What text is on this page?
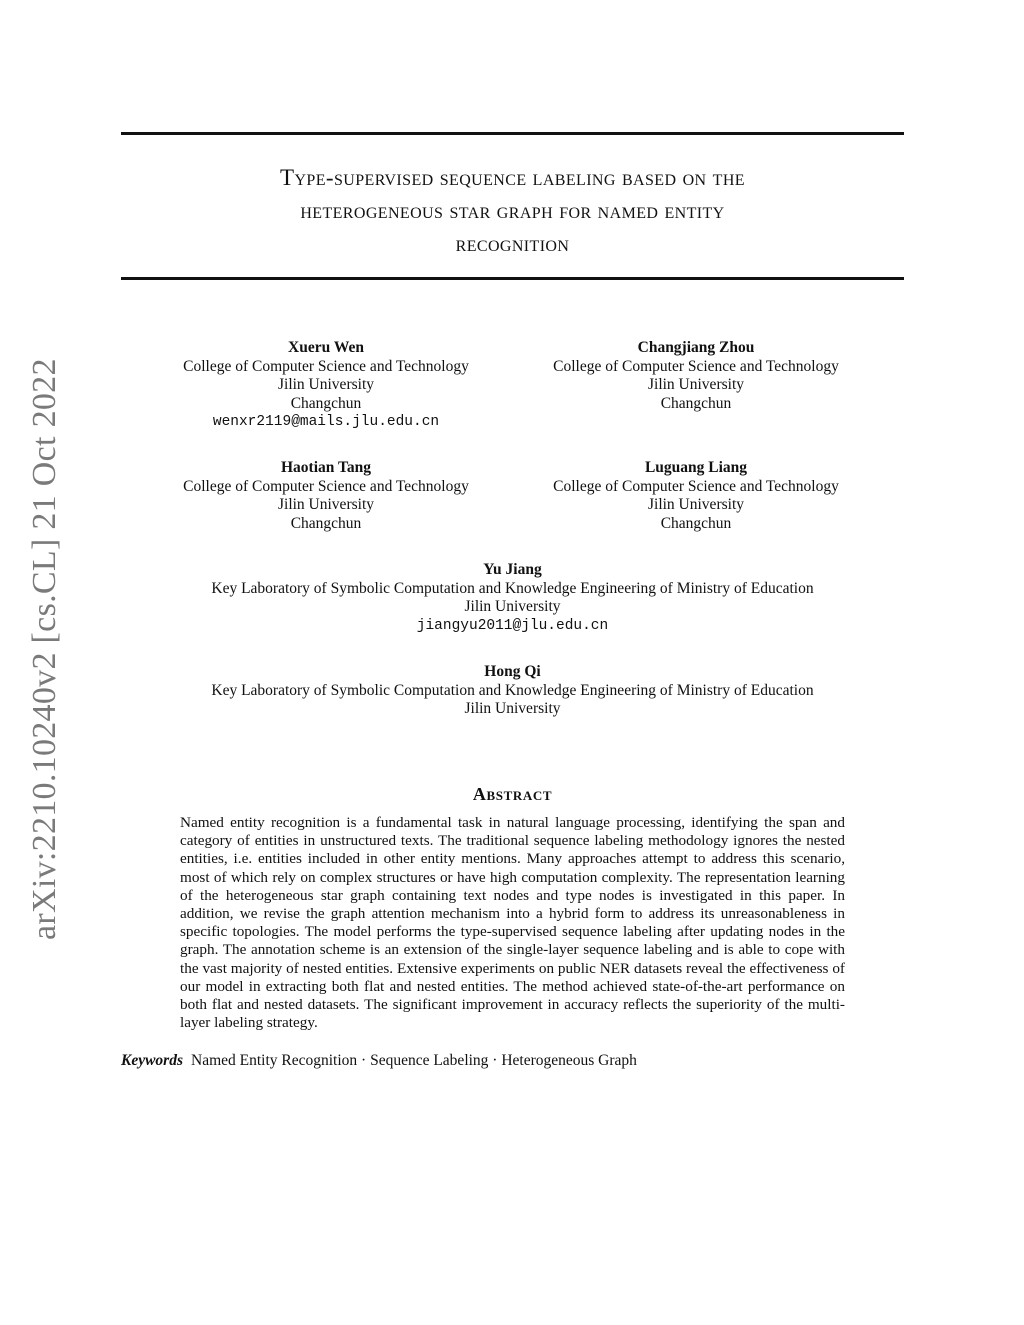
arXiv:2210.10240v2 [cs.CL] 21 Oct 2022
Type-supervised sequence labeling based on the
heterogeneous star graph for named entity
recognition
Xueru Wen
College of Computer Science and Technology
Jilin University
Changchun
wenxr2119@mails.jlu.edu.cn
Changjiang Zhou
College of Computer Science and Technology
Jilin University
Changchun
Haotian Tang
College of Computer Science and Technology
Jilin University
Changchun
Luguang Liang
College of Computer Science and Technology
Jilin University
Changchun
Yu Jiang
Key Laboratory of Symbolic Computation and Knowledge Engineering of Ministry of Education
Jilin University
jiangyu2011@jlu.edu.cn
Hong Qi
Key Laboratory of Symbolic Computation and Knowledge Engineering of Ministry of Education
Jilin University
Abstract

Named entity recognition is a fundamental task in natural language processing, identifying the span and category of entities in unstructured texts. The traditional sequence labeling methodology ignores the nested entities, i.e. entities included in other entity mentions. Many approaches attempt to address this scenario, most of which rely on complex structures or have high computation complexity. The representation learning of the heterogeneous star graph containing text nodes and type nodes is investigated in this paper. In addition, we revise the graph attention mechanism into a hybrid form to address its unreasonableness in specific topologies. The model performs the type-supervised sequence labeling after updating nodes in the graph. The annotation scheme is an extension of the single-layer sequence labeling and is able to cope with the vast majority of nested entities. Extensive experiments on public NER datasets reveal the effectiveness of our model in extracting both flat and nested entities. The method achieved state-of-the-art performance on both flat and nested datasets. The significant improvement in accuracy reflects the superiority of the multi-layer labeling strategy.

Keywords Named Entity Recognition · Sequence Labeling · Heterogeneous Graph
